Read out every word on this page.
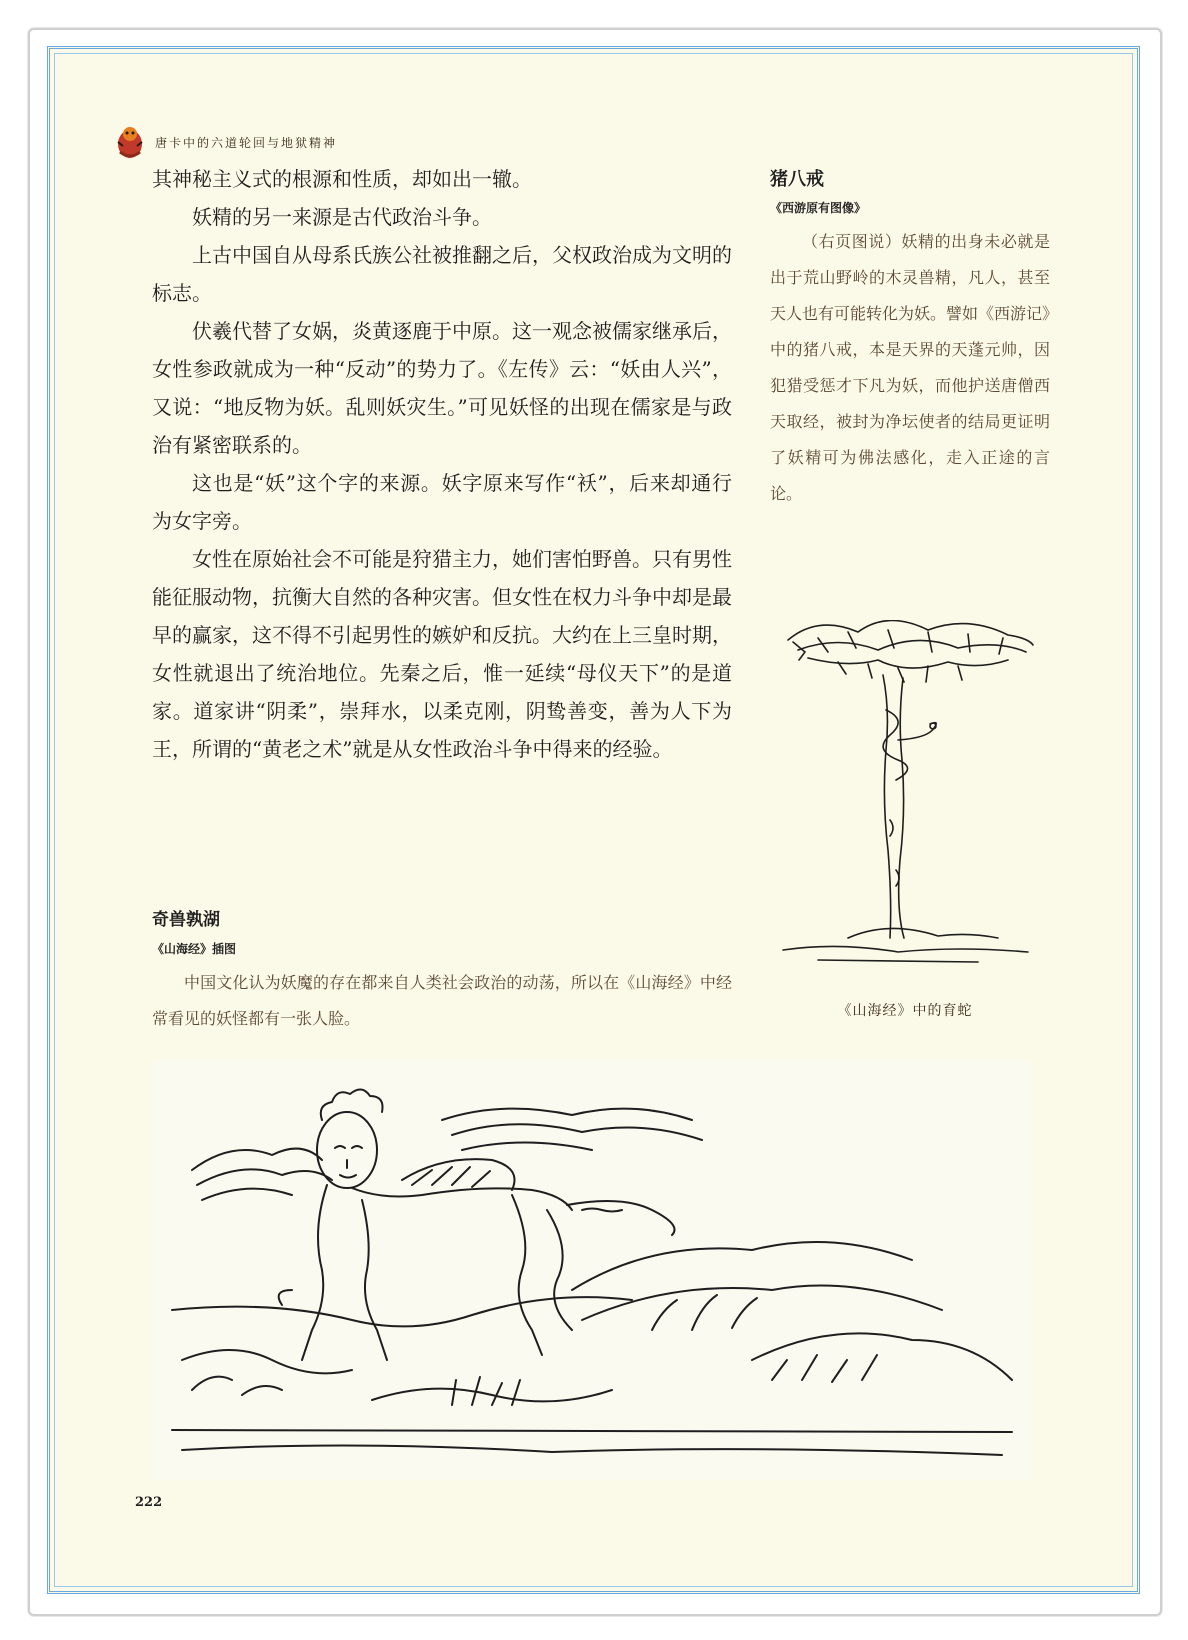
唐卡中的六道轮回与地狱精神

其神秘主义式的根源和性质，却如出一辙。

妖精的另一来源是古代政治斗争。

上古中国自从母系氏族公社被推翻之后，父权政治成为文明的标志。

伏羲代替了女娲，炎黄逐鹿于中原。这一观念被儒家继承后，女性参政就成为一种“反动”的势力了。《左传》云：“妖由人兴”，又说：“地反物为妖。乱则妖灾生。”可见妖怪的出现在儒家是与政治有紧密联系的。

这也是“妖”这个字的来源。妖字原来写作“袄”，后来却通行为女字旁。

女性在原始社会不可能是狩猎主力，她们害怕野兽。只有男性能征服动物，抗衡大自然的各种灾害。但女性在权力斗争中却是最早的赢家，这不得不引起男性的嫉妒和反抗。大约在上三皇时期，女性就退出了统治地位。先秦之后，惟一延续“母仪天下”的是道家。道家讲“阴柔”，崇拜水，以柔克刚，阴鸷善变，善为人下为王，所谓的“黄老之术”就是从女性政治斗争中得来的经验。

猪八戒

《西游原有图像》

（右页图说）妖精的出身未必就是出于荒山野岭的木灵兽精，凡人，甚至天人也有可能转化为妖。譬如《西游记》中的猪八戒，本是天界的天蓬元帅，因犯猎受惩才下凡为妖，而他护送唐僧西天取经，被封为净坛使者的结局更证明了妖精可为佛法感化，走入正途的言论。

《山海经》中的育蛇

奇兽孰湖

《山海经》插图

中国文化认为妖魔的存在都来自人类社会政治的动荡，所以在《山海经》中经常看见的妖怪都有一张人脸。

222
